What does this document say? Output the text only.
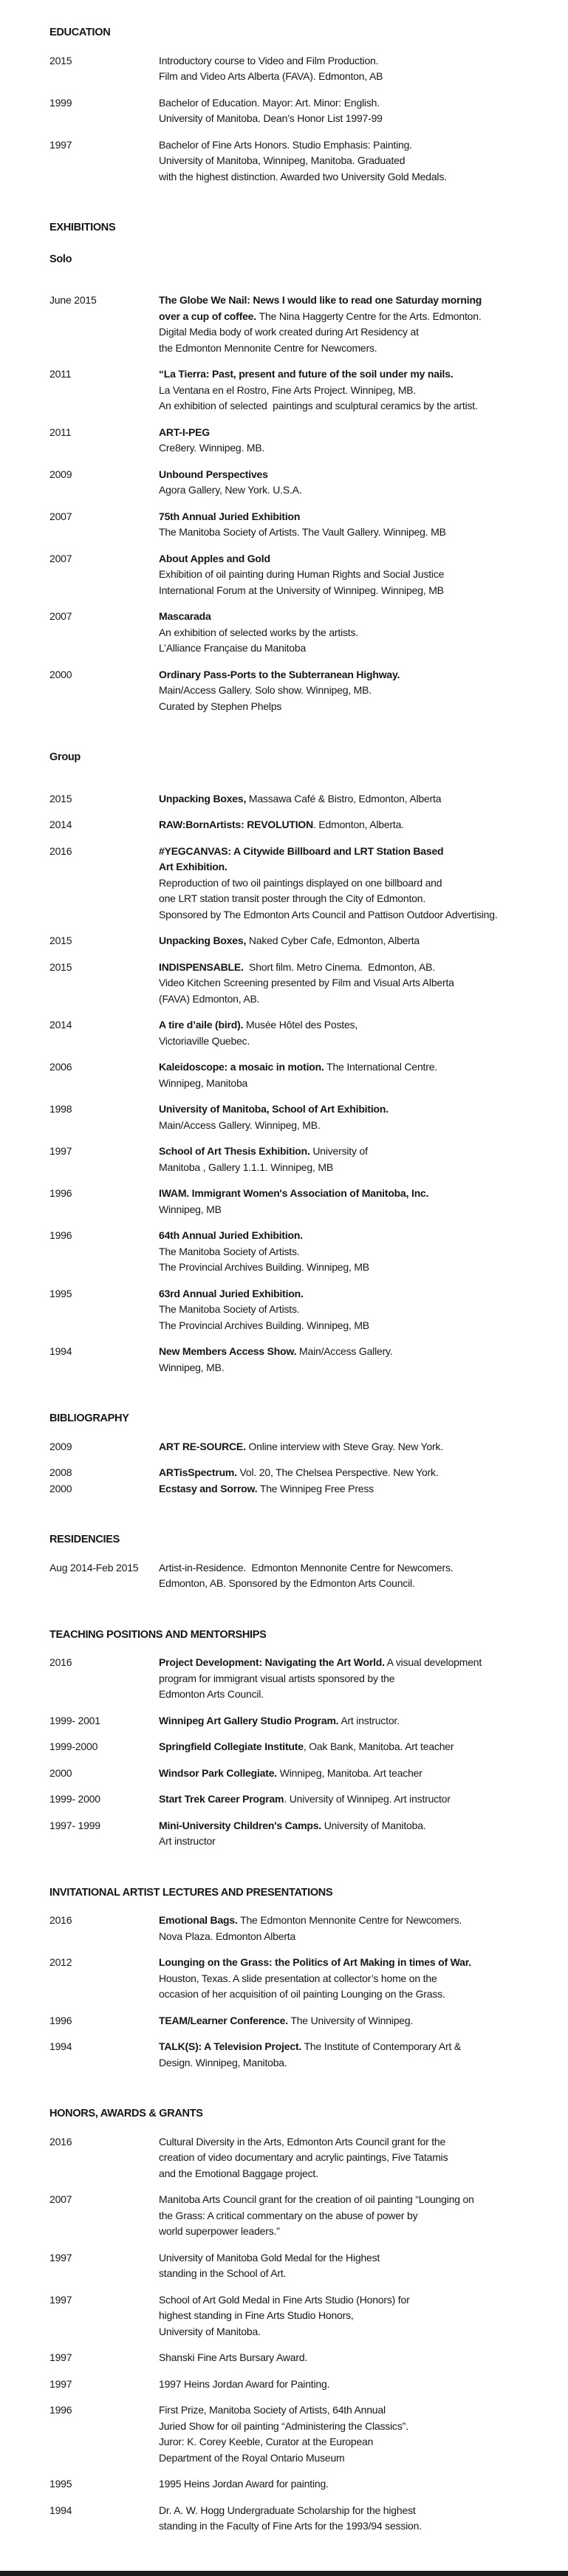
EDUCATION
2015	Introductory course to Video and Film Production.
Film and Video Arts Alberta (FAVA). Edmonton, AB
1999	Bachelor of Education. Mayor: Art. Minor: English.
University of Manitoba. Dean’s Honor List 1997-99
1997	Bachelor of Fine Arts Honors. Studio Emphasis: Painting.
University of Manitoba, Winnipeg, Manitoba. Graduated
with the highest distinction. Awarded two University Gold Medals.
EXHIBITIONS
Solo
June 2015	The Globe We Nail: News I would like to read one Saturday morning
over a cup of coffee. The Nina Haggerty Centre for the Arts. Edmonton.
Digital Media body of work created during Art Residency at
the Edmonton Mennonite Centre for Newcomers.
2011	“La Tierra: Past, present and future of the soil under my nails.
La Ventana en el Rostro, Fine Arts Project. Winnipeg, MB.
An exhibition of selected  paintings and sculptural ceramics by the artist.
2011	ART-I-PEG
Cre8ery. Winnipeg. MB.
2009	Unbound Perspectives
Agora Gallery, New York. U.S.A.
2007	75th Annual Juried Exhibition
The Manitoba Society of Artists. The Vault Gallery. Winnipeg. MB
2007	About Apples and Gold
Exhibition of oil painting during Human Rights and Social Justice
International Forum at the University of Winnipeg. Winnipeg, MB
2007	Mascarada
An exhibition of selected works by the artists.
L’Alliance Française du Manitoba
2000	Ordinary Pass-Ports to the Subterranean Highway.
Main/Access Gallery. Solo show. Winnipeg, MB.
Curated by Stephen Phelps
Group
2015	Unpacking Boxes, Massawa Café & Bistro, Edmonton, Alberta
2014	RAW:BornArtists: REVOLUTION. Edmonton, Alberta.
2016	#YEGCANVAS: A Citywide Billboard and LRT Station Based
Art Exhibition.
Reproduction of two oil paintings displayed on one billboard and
one LRT station transit poster through the City of Edmonton.
Sponsored by The Edmonton Arts Council and Pattison Outdoor Advertising.
2015	Unpacking Boxes, Naked Cyber Cafe, Edmonton, Alberta
2015	INDISPENSABLE.  Short film. Metro Cinema.  Edmonton, AB.
Video Kitchen Screening presented by Film and Visual Arts Alberta
(FAVA) Edmonton, AB.
2014	A tire d’aile (bird). Musée Hôtel des Postes,
Victoriaville Quebec.
2006	Kaleidoscope: a mosaic in motion. The International Centre.
Winnipeg, Manitoba
1998	University of Manitoba, School of Art Exhibition.
Main/Access Gallery. Winnipeg, MB.
1997	School of Art Thesis Exhibition. University of
Manitoba , Gallery 1.1.1. Winnipeg, MB
1996	IWAM. Immigrant Women's Association of Manitoba, Inc.
Winnipeg, MB
1996	64th Annual Juried Exhibition.
The Manitoba Society of Artists.
The Provincial Archives Building. Winnipeg, MB
1995	63rd Annual Juried Exhibition.
The Manitoba Society of Artists.
The Provincial Archives Building. Winnipeg, MB
1994	New Members Access Show. Main/Access Gallery.
Winnipeg, MB.
BIBLIOGRAPHY
2009	ART RE-SOURCE. Online interview with Steve Gray. New York.
2008	ARTisSpectrum. Vol. 20, The Chelsea Perspective. New York.
2000	Ecstasy and Sorrow. The Winnipeg Free Press
RESIDENCIES
Aug 2014-Feb 2015	Artist-in-Residence.  Edmonton Mennonite Centre for Newcomers.
Edmonton, AB. Sponsored by the Edmonton Arts Council.
TEACHING POSITIONS AND MENTORSHIPS
2016	Project Development: Navigating the Art World. A visual development
program for immigrant visual artists sponsored by the
Edmonton Arts Council.
1999- 2001	Winnipeg Art Gallery Studio Program. Art instructor.
1999-2000	Springfield Collegiate Institute, Oak Bank, Manitoba. Art teacher
2000	Windsor Park Collegiate. Winnipeg, Manitoba. Art teacher
1999- 2000	Start Trek Career Program. University of Winnipeg. Art instructor
1997- 1999	Mini-University Children's Camps. University of Manitoba.
Art instructor
INVITATIONAL ARTIST LECTURES AND PRESENTATIONS
2016	Emotional Bags. The Edmonton Mennonite Centre for Newcomers.
Nova Plaza. Edmonton Alberta
2012	Lounging on the Grass: the Politics of Art Making in times of War.
Houston, Texas. A slide presentation at collector’s home on the
occasion of her acquisition of oil painting Lounging on the Grass.
1996	TEAM/Learner Conference. The University of Winnipeg.
1994	TALK(S): A Television Project. The Institute of Contemporary Art &
Design. Winnipeg, Manitoba.
HONORS, AWARDS & GRANTS
2016	Cultural Diversity in the Arts, Edmonton Arts Council grant for the
creation of video documentary and acrylic paintings, Five Tatamis
and the Emotional Baggage project.
2007	Manitoba Arts Council grant for the creation of oil painting “Lounging on
the Grass: A critical commentary on the abuse of power by
world superpower leaders.”
1997	University of Manitoba Gold Medal for the Highest
standing in the School of Art.
1997	School of Art Gold Medal in Fine Arts Studio (Honors) for
highest standing in Fine Arts Studio Honors,
University of Manitoba.
1997	Shanski Fine Arts Bursary Award.
1997	1997 Heins Jordan Award for Painting.
1996	First Prize, Manitoba Society of Artists, 64th Annual
Juried Show for oil painting “Administering the Classics”.
Juror: K. Corey Keeble, Curator at the European
Department of the Royal Ontario Museum
1995	1995 Heins Jordan Award for painting.
1994	Dr. A. W. Hogg Undergraduate Scholarship for the highest
standing in the Faculty of Fine Arts for the 1993/94 session.
